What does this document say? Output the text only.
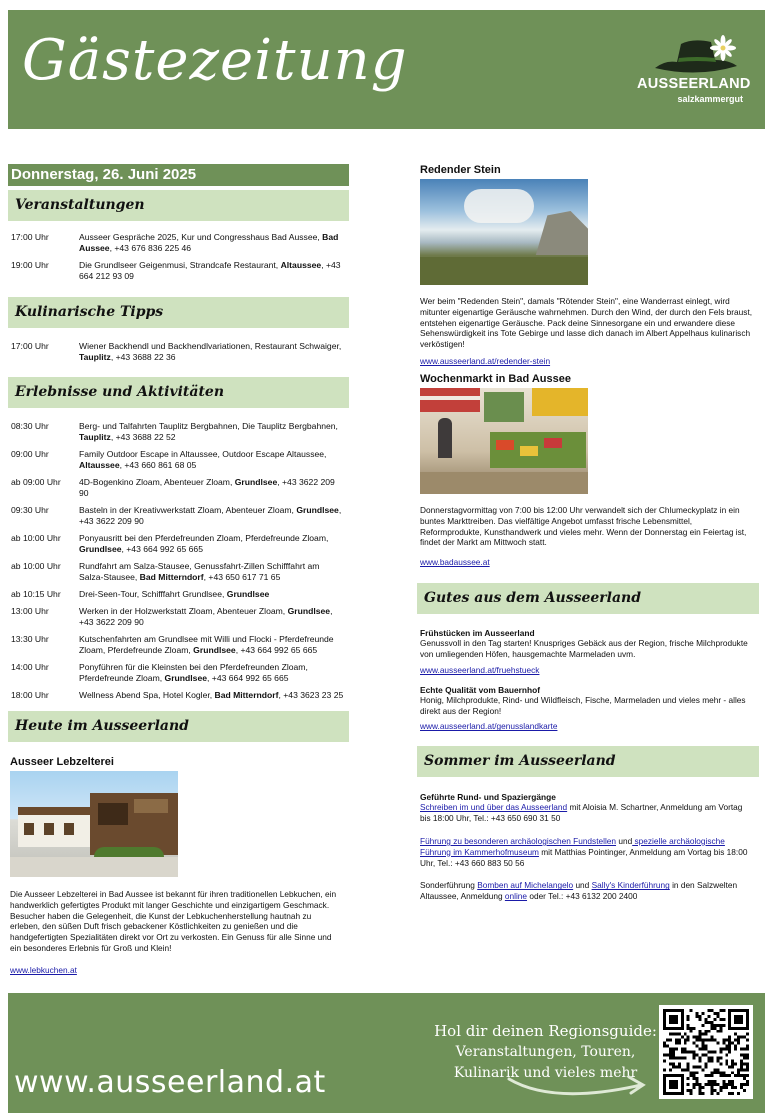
Gästezeitung	AUSSEERLAND
salzkammergut
Donnerstag, 26. Juni 2025
Veranstaltungen
17:00 Uhr	Ausseer Gespräche 2025, Kur und Congresshaus Bad Aussee, Bad Aussee, +43 676 836 225 46
19:00 Uhr	Die Grundlseer Geigenmusi, Strandcafe Restaurant, Altaussee, +43 664 212 93 09
Kulinarische Tipps
17:00 Uhr	Wiener Backhendl und Backhendlvariationen, Restaurant Schwaiger, Tauplitz, +43 3688 22 36
Erlebnisse und Aktivitäten
08:30 Uhr	Berg- und Talfahrten Tauplitz Bergbahnen, Die Tauplitz Bergbahnen, Tauplitz, +43 3688 22 52
09:00 Uhr	Family Outdoor Escape in Altaussee, Outdoor Escape Altaussee, Altaussee, +43 660 861 68 05
ab 09:00 Uhr	4D-Bogenkino Zloam, Abenteuer Zloam, Grundlsee, +43 3622 209 90
09:30 Uhr	Basteln in der Kreativwerkstatt Zloam, Abenteuer Zloam, Grundlsee, +43 3622 209 90
ab 10:00 Uhr	Ponyausritt bei den Pferdefreunden Zloam, Pferdefreunde Zloam, Grundlsee, +43 664 992 65 665
ab 10:00 Uhr	Rundfahrt am Salza-Stausee, Genussfahrt-Zillen Schifffahrt am Salza-Stausee, Bad Mitterndorf, +43 650 617 71 65
ab 10:15 Uhr	Drei-Seen-Tour, Schifffahrt Grundlsee, Grundlsee
13:00 Uhr	Werken in der Holzwerkstatt Zloam, Abenteuer Zloam, Grundlsee, +43 3622 209 90
13:30 Uhr	Kutschenfahrten am Grundlsee mit Willi und Flocki - Pferdefreunde Zloam, Pferdefreunde Zloam, Grundlsee, +43 664 992 65 665
14:00 Uhr	Ponyführen für die Kleinsten bei den Pferdefreunden Zloam, Pferdefreunde Zloam, Grundlsee, +43 664 992 65 665
18:00 Uhr	Wellness Abend Spa, Hotel Kogler, Bad Mitterndorf, +43 3623 23 25
Heute im Ausseerland
Ausseer Lebzelterei
Die Ausseer Lebzelterei in Bad Aussee ist bekannt für ihren traditionellen Lebkuchen, ein handwerklich gefertigtes Produkt mit langer Geschichte und einzigartigem Geschmack. Besucher haben die Gelegenheit, die Kunst der Lebkuchenherstellung hautnah zu erleben, den süßen Duft frisch gebackener Köstlichkeiten zu genießen und die handgefertigten Spezialitäten direkt vor Ort zu verkosten. Ein Genuss für alle Sinne und ein besonderes Erlebnis für Groß und Klein!
www.lebkuchen.at
Redender Stein
Wer beim "Redenden Stein", damals "Rötender Stein", eine Wanderrast einlegt, wird mitunter eigenartige Geräusche wahrnehmen. Durch den Wind, der durch den Fels braust, entstehen eigenartige Geräusche. Pack deine Sinnesorgane ein und erwandere diese Sehenswürdigkeit ins Tote Gebirge und lasse dich danach im Albert Appelhaus kulinarisch verköstigen!
www.ausseerland.at/redender-stein
Wochenmarkt in Bad Aussee
Donnerstagvormittag von 7:00 bis 12:00 Uhr verwandelt sich der Chlumeckyplatz in ein buntes Markttreiben. Das vielfältige Angebot umfasst frische Lebensmittel, Reformprodukte, Kunsthandwerk und vieles mehr. Wenn der Donnerstag ein Feiertag ist, findet der Markt am Mittwoch statt.
www.badaussee.at
Gutes aus dem Ausseerland
Frühstücken im Ausseerland
Genussvoll in den Tag starten! Knuspriges Gebäck aus der Region, frische Milchprodukte von umliegenden Höfen, hausgemachte Marmeladen uvm.
www.ausseerland.at/fruehstueck
Echte Qualität vom Bauernhof
Honig, Milchprodukte, Rind- und Wildfleisch, Fische, Marmeladen und vieles mehr - alles direkt aus der Region!
www.ausseerland.at/genusslandkarte
Sommer im Ausseerland
Geführte Rund- und Spaziergänge
Schreiben im und über das Ausseerland mit Aloisia M. Schartner, Anmeldung am Vortag bis 18:00 Uhr, Tel.: +43 650 690 31 50
Führung zu besonderen archäologischen Fundstellen und spezielle archäologische Führung im Kammerhofmuseum mit Matthias Pointinger, Anmeldung am Vortag bis 18:00 Uhr, Tel.: +43 660 883 50 56
Sonderführung Bomben auf Michelangelo und Sally's Kinderführung in den Salzwelten Altaussee, Anmeldung online oder Tel.: +43 6132 200 2400
www.ausseerland.at
Hol dir deinen Regionsguide:
Veranstaltungen, Touren,
Kulinarik und vieles mehr
